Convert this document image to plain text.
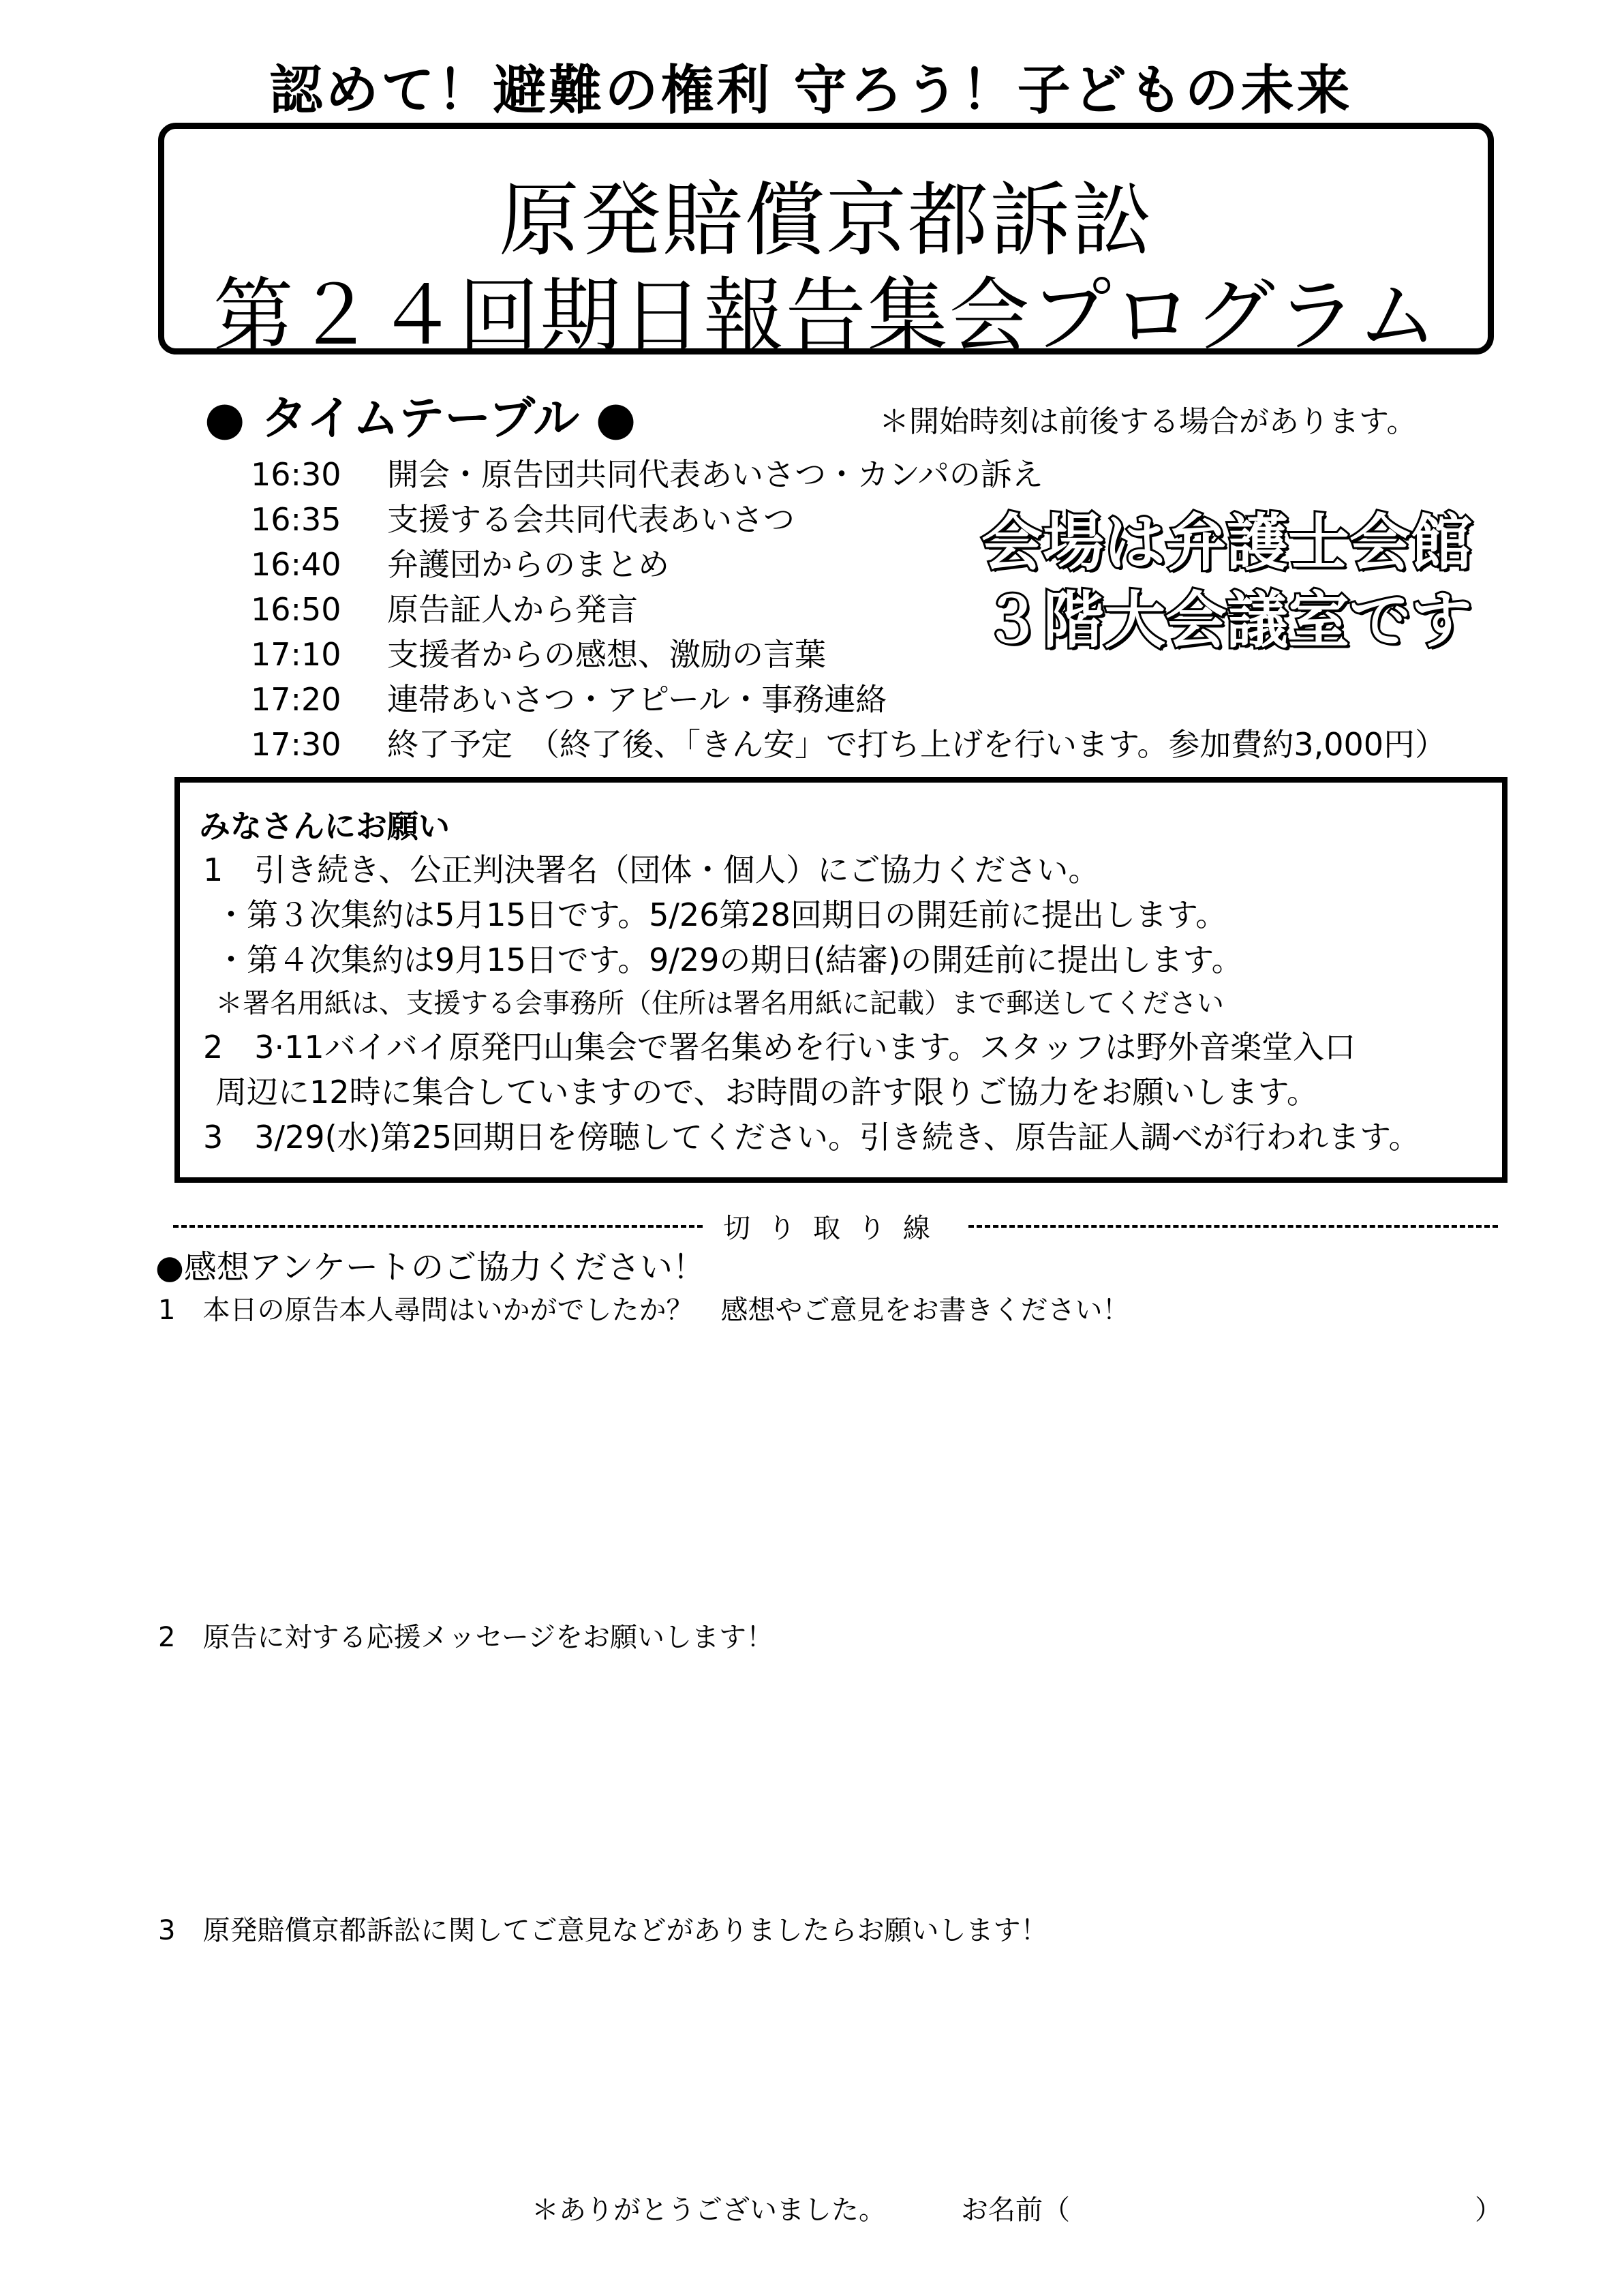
認めて！避難の権利 守ろう！子どもの未来
原発賠償京都訴訟
第２４回期日報告集会プログラム
● タイムテーブル ●	＊開始時刻は前後する場合があります。
16:30 開会・原告団共同代表あいさつ・カンパの訴え
16:35 支援する会共同代表あいさつ
16:40 弁護団からのまとめ
16:50 原告証人から発言
17:10 支援者からの感想、激励の言葉
17:20 連帯あいさつ・アピール・事務連絡
17:30 終了予定　（終了後、「きん安」で打ち上げを行います。参加費約3,000円）
会場は弁護士会館
３階大会議室です
みなさんにお願い
1　引き続き、公正判決署名（団体・個人）にご協力ください。
・第３次集約は5月15日です。5/26第28回期日の開廷前に提出します。
・第４次集約は9月15日です。9/29の期日(結審)の開廷前に提出します。
＊署名用紙は、支援する会事務所（住所は署名用紙に記載）まで郵送してください
2　3·11バイバイ原発円山集会で署名集めを行います。スタッフは野外音楽堂入口
周辺に12時に集合していますので、お時間の許す限りご協力をお願いします。
3　3/29(水)第25回期日を傍聴してください。引き続き、原告証人調べが行われます。
切り取り線
●感想アンケートのご協力ください！
1　本日の原告本人尋問はいかがでしたか？　感想やご意見をお書きください！
2　原告に対する応援メッセージをお願いします！
3　原発賠償京都訴訟に関してご意見などがありましたらお願いします！
＊ありがとうございました。	お名前（	）
